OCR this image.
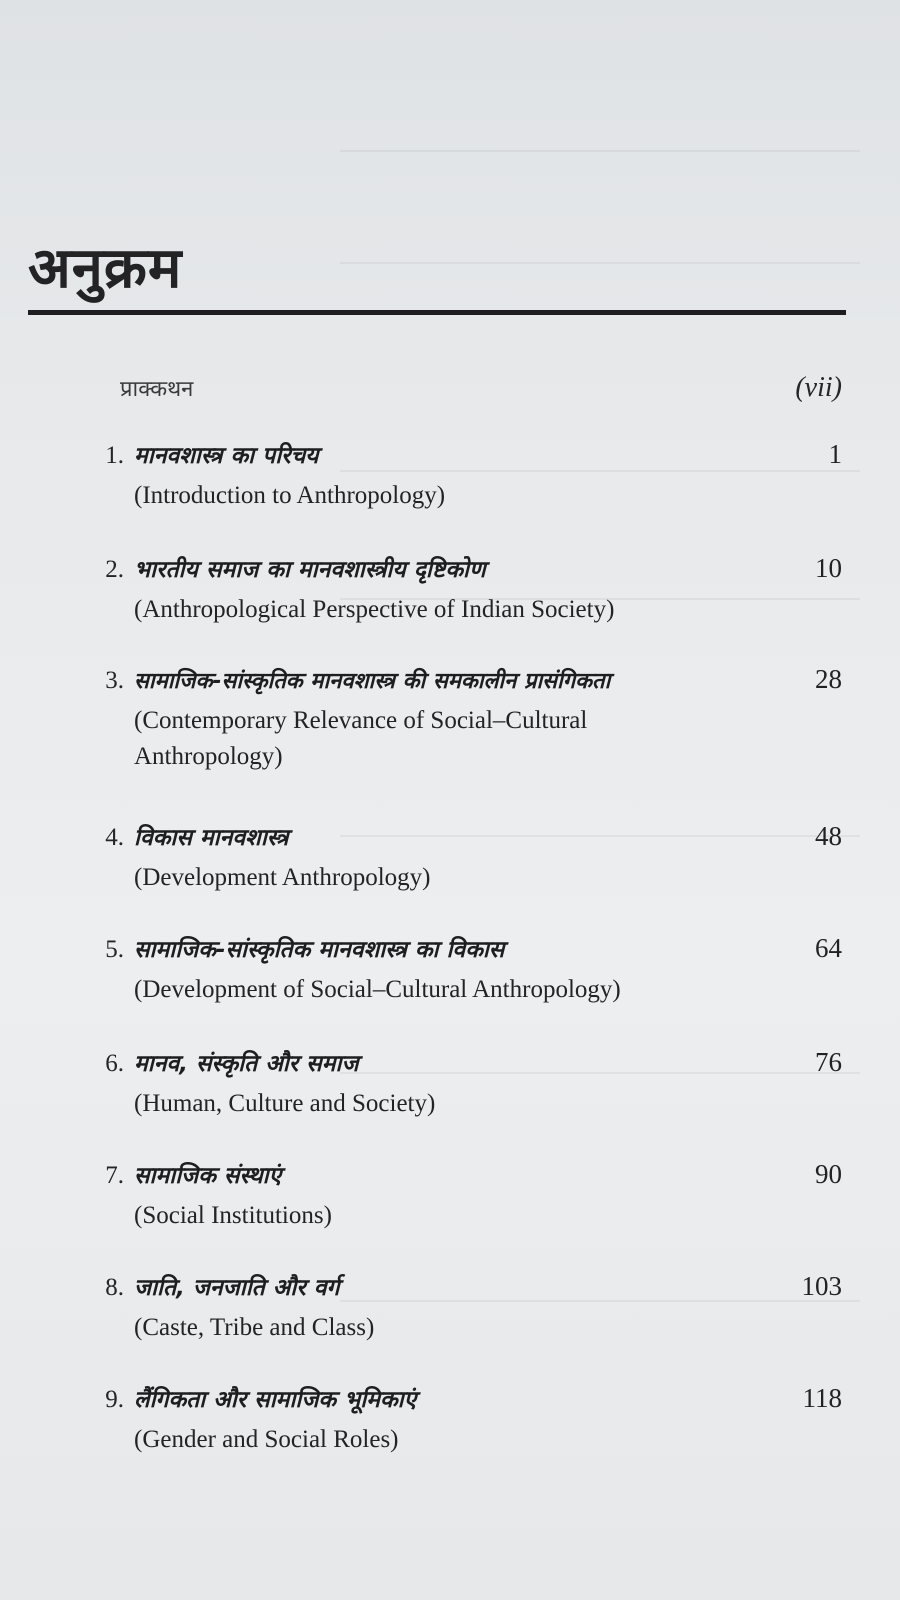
अनुक्रम
प्राक्कथन	(vii)
1. मानवशास्त्र का परिचय	1
(Introduction to Anthropology)
2. भारतीय समाज का मानवशास्त्रीय दृष्टिकोण	10
(Anthropological Perspective of Indian Society)
3. सामाजिक-सांस्कृतिक मानवशास्त्र की समकालीन प्रासंगिकता	28
(Contemporary Relevance of Social–Cultural Anthropology)
4. विकास मानवशास्त्र	48
(Development Anthropology)
5. सामाजिक-सांस्कृतिक मानवशास्त्र का विकास	64
(Development of Social–Cultural Anthropology)
6. मानव, संस्कृति और समाज	76
(Human, Culture and Society)
7. सामाजिक संस्थाएं	90
(Social Institutions)
8. जाति, जनजाति और वर्ग	103
(Caste, Tribe and Class)
9. लैंगिकता और सामाजिक भूमिकाएं	118
(Gender and Social Roles)
